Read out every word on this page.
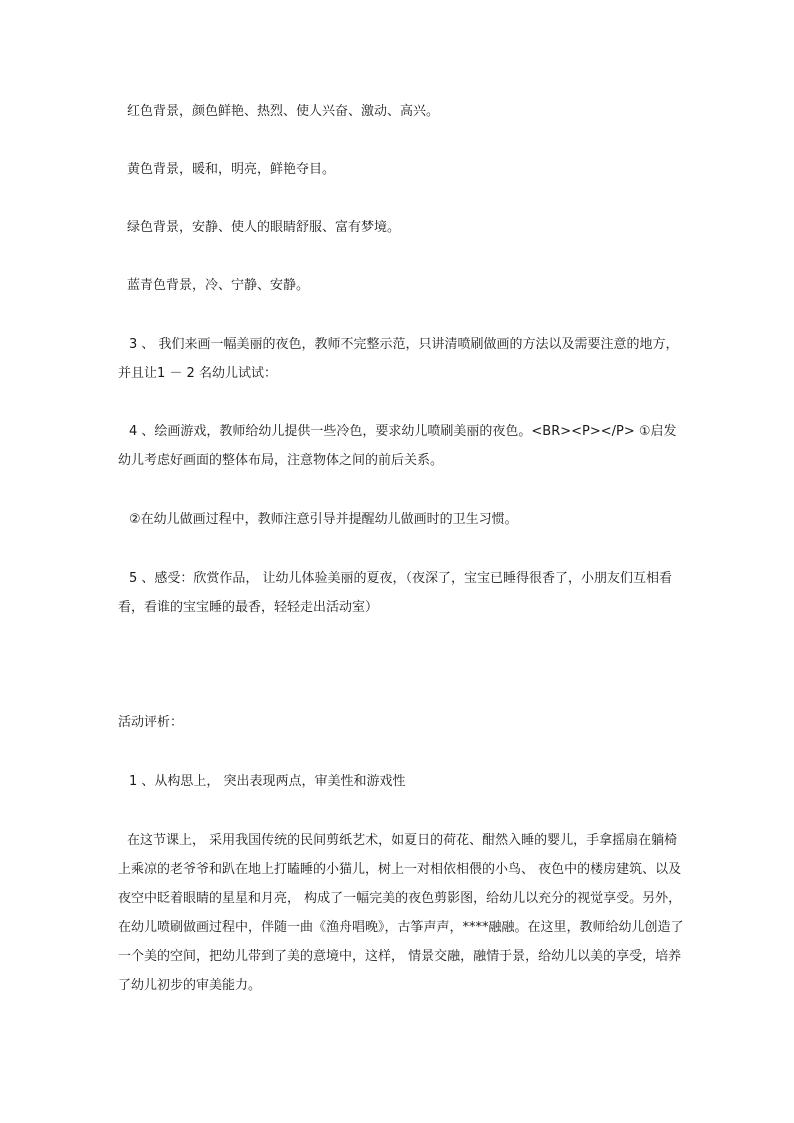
红色背景，颜色鲜艳、热烈、使人兴奋、激动、高兴。

黄色背景，暖和，明亮，鲜艳夺目。

绿色背景，安静、使人的眼睛舒服、富有梦境。

蓝青色背景，冷、宁静、安静。

3 、 我们来画一幅美丽的夜色，教师不完整示范，只讲清喷刷做画的方法以及需要注意的地方，并且让1 － 2 名幼儿试试：

4 、绘画游戏，教师给幼儿提供一些冷色，要求幼儿喷刷美丽的夜色。<BR><P></P> ①启发幼儿考虑好画面的整体布局，注意物体之间的前后关系。

②在幼儿做画过程中，教师注意引导并提醒幼儿做画时的卫生习惯。

5 、感受：欣赏作品， 让幼儿体验美丽的夏夜，（夜深了，宝宝已睡得很香了，小朋友们互相看看，看谁的宝宝睡的最香，轻轻走出活动室）

活动评析：

1 、从构思上， 突出表现两点，审美性和游戏性

在这节课上， 采用我国传统的民间剪纸艺术，如夏日的荷花、酣然入睡的婴儿，手拿摇扇在躺椅上乘凉的老爷爷和趴在地上打瞌睡的小猫儿，树上一对相依相偎的小鸟、 夜色中的楼房建筑、以及夜空中眨着眼睛的星星和月亮， 构成了一幅完美的夜色剪影图，给幼儿以充分的视觉享受。另外， 在幼儿喷刷做画过程中，伴随一曲《渔舟唱晚》，古筝声声，****融融。在这里，教师给幼儿创造了一个美的空间，把幼儿带到了美的意境中，这样， 情景交融，融情于景，给幼儿以美的享受，培养了幼儿初步的审美能力。
